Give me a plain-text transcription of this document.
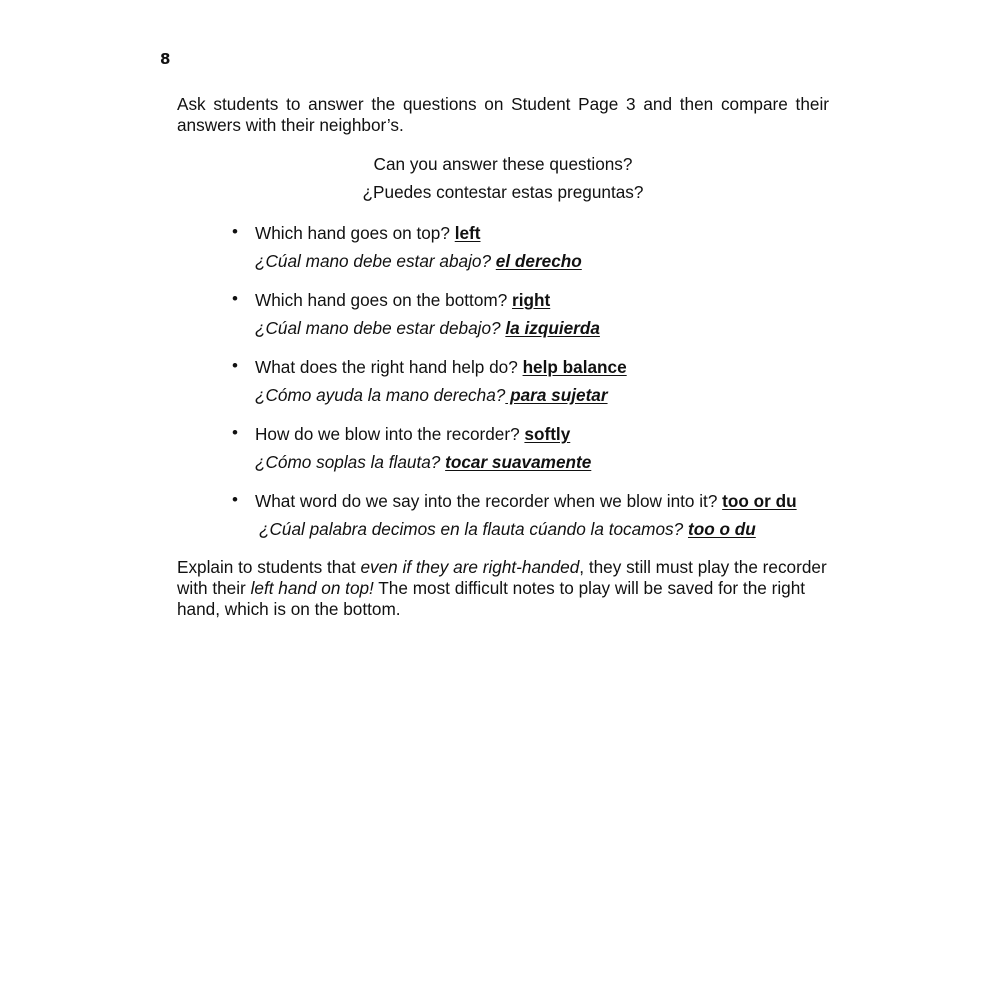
8

Ask students to answer the questions on Student Page 3 and then compare their answers with their neighbor’s.

Can you answer these questions?

¿Puedes contestar estas preguntas?

• Which hand goes on top? left
¿Cúal mano debe estar abajo? el derecho
• Which hand goes on the bottom? right
¿Cúal mano debe estar debajo? la izquierda
• What does the right hand help do? help balance
¿Cómo ayuda la mano derecha? para sujetar
• How do we blow into the recorder? softly
¿Cómo soplas la flauta? tocar suavamente
• What word do we say into the recorder when we blow into it? too or du
¿Cúal palabra decimos en la flauta cúando la tocamos? too o du

Explain to students that even if they are right-handed, they still must play the recorder with their left hand on top! The most difficult notes to play will be saved for the right hand, which is on the bottom.
